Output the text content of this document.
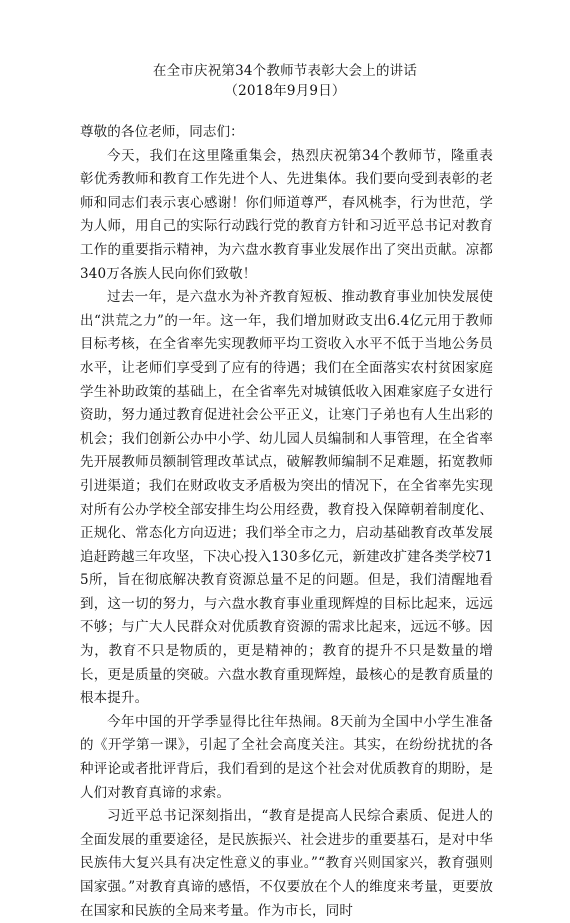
在全市庆祝第34个教师节表彰大会上的讲话
（2018年9月9日）

尊敬的各位老师，同志们：

今天，我们在这里隆重集会，热烈庆祝第34个教师节，隆重表彰优秀教师和教育工作先进个人、先进集体。我们要向受到表彰的老师和同志们表示衷心感谢！你们师道尊严，春风桃李，行为世范，学为人师，用自己的实际行动践行党的教育方针和习近平总书记对教育工作的重要指示精神，为六盘水教育事业发展作出了突出贡献。凉都340万各族人民向你们致敬！

过去一年，是六盘水为补齐教育短板、推动教育事业加快发展使出“洪荒之力”的一年。这一年，我们增加财政支出6.4亿元用于教师目标考核，在全省率先实现教师平均工资收入水平不低于当地公务员水平，让老师们享受到了应有的待遇；我们在全面落实农村贫困家庭学生补助政策的基础上，在全省率先对城镇低收入困难家庭子女进行资助，努力通过教育促进社会公平正义，让寒门子弟也有人生出彩的机会；我们创新公办中小学、幼儿园人员编制和人事管理，在全省率先开展教师员额制管理改革试点，破解教师编制不足难题，拓宽教师引进渠道；我们在财政收支矛盾极为突出的情况下，在全省率先实现对所有公办学校全部安排生均公用经费，教育投入保障朝着制度化、正规化、常态化方向迈进；我们举全市之力，启动基础教育改革发展追赶跨越三年攻坚，下决心投入130多亿元，新建改扩建各类学校715所，旨在彻底解决教育资源总量不足的问题。但是，我们清醒地看到，这一切的努力，与六盘水教育事业重现辉煌的目标比起来，远远不够；与广大人民群众对优质教育资源的需求比起来，远远不够。因为，教育不只是物质的，更是精神的；教育的提升不只是数量的增长，更是质量的突破。六盘水教育重现辉煌，最核心的是教育质量的根本提升。

今年中国的开学季显得比往年热闹。8天前为全国中小学生准备的《开学第一课》，引起了全社会高度关注。其实，在纷纷扰扰的各种评论或者批评背后，我们看到的是这个社会对优质教育的期盼，是人们对教育真谛的求索。

习近平总书记深刻指出，“教育是提高人民综合素质、促进人的全面发展的重要途径，是民族振兴、社会进步的重要基石，是对中华民族伟大复兴具有决定性意义的事业。”“教育兴则国家兴，教育强则国家强。”对教育真谛的感悟，不仅要放在个人的维度来考量，更要放在国家和民族的全局来考量。作为市长，同时
